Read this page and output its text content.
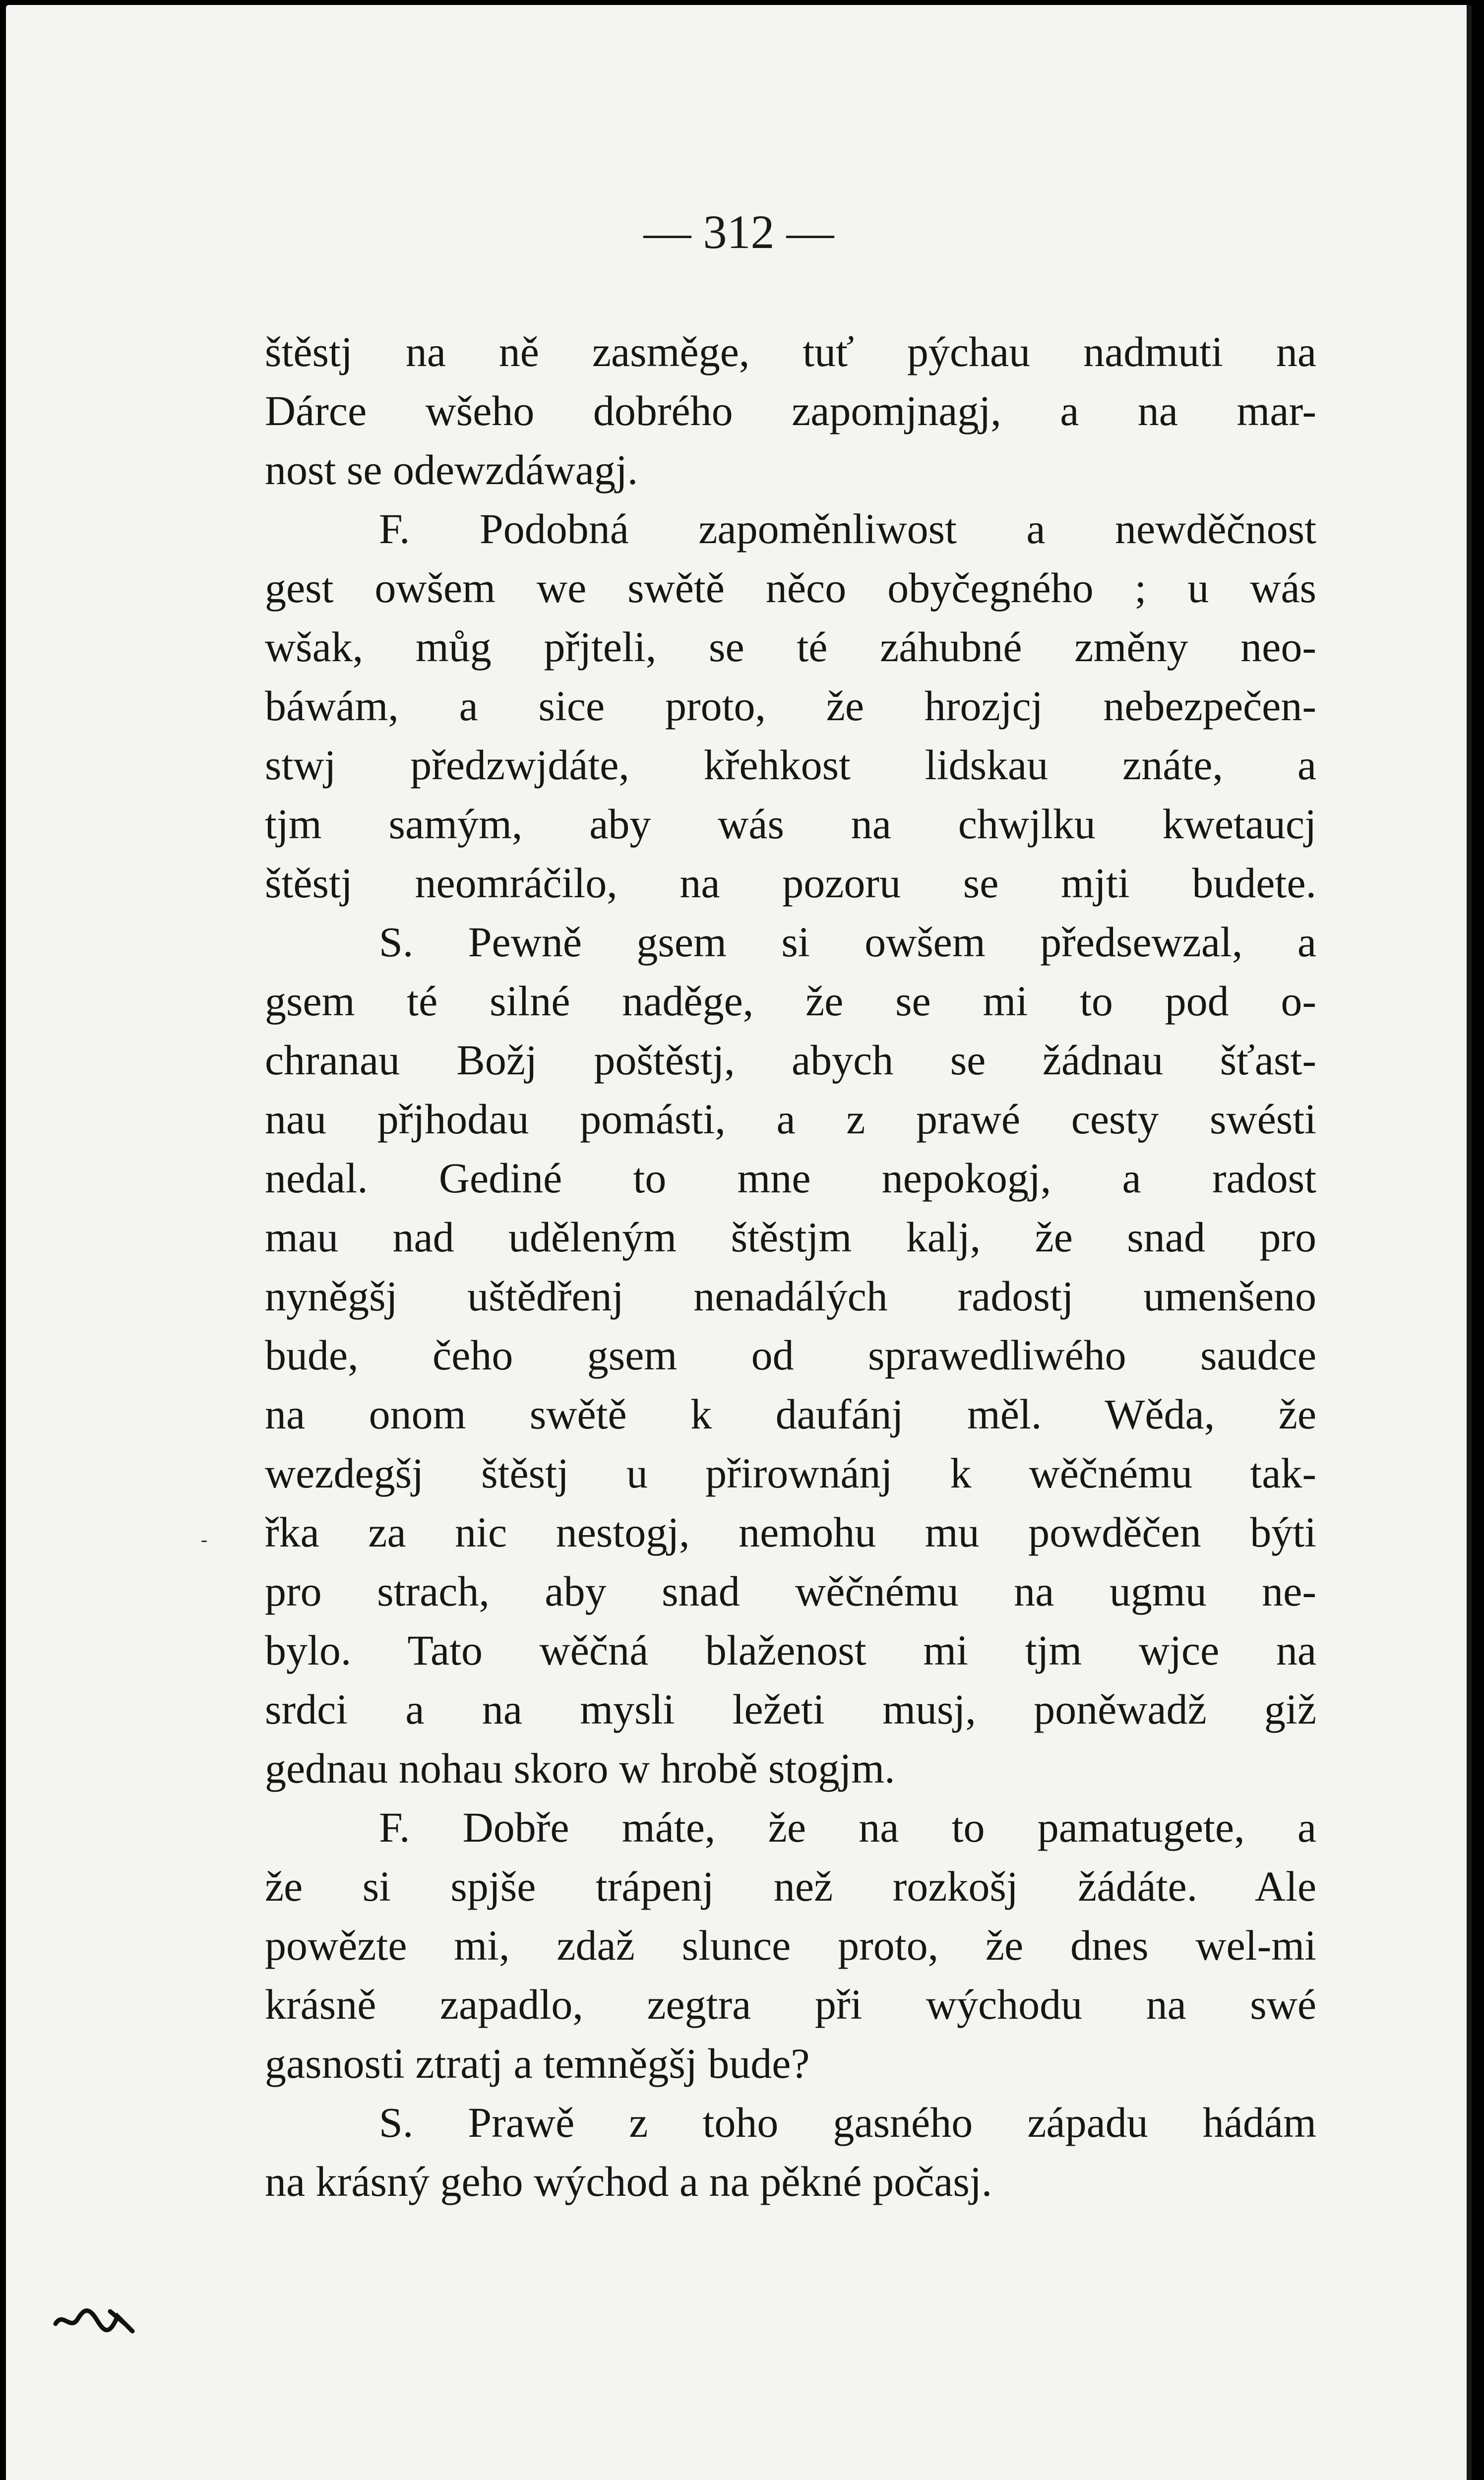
— 312 —
štěstj na ně zasměge, tuť pýchau nadmuti na
Dárce wšeho dobrého zapomjnagj, a na mar-
nost se odewzdáwagj.
F. Podobná zapoměnliwost a newděčnost
gest owšem we swětě něco obyčegného ; u wás
wšak, můg přjteli, se té záhubné změny neo-
báwám, a sice proto, že hrozjcj nebezpečen-
stwj předzwjdáte, křehkost lidskau znáte, a
tjm samým, aby wás na chwjlku kwetaucj
štěstj neomráčilo, na pozoru se mjti budete.
S. Pewně gsem si owšem předsewzal, a
gsem té silné naděge, že se mi to pod o-
chranau Božj poštěstj, abych se žádnau šťast-
nau přjhodau pomásti, a z prawé cesty swésti
nedal. Gediné to mne nepokogj, a radost
mau nad uděleným štěstjm kalj, že snad pro
nyněgšj uštědřenj nenadálých radostj umenšeno
bude, čeho gsem od sprawedliwého saudce
na onom swětě k daufánj měl. Wěda, že
wezdegšj štěstj u přirownánj k wěčnému tak-
řka za nic nestogj, nemohu mu powděčen býti
pro strach, aby snad wěčnému na ugmu ne-
bylo. Tato wěčná blaženost mi tjm wjce na
srdci a na mysli ležeti musj, poněwadž giž
gednau nohau skoro w hrobě stogjm.
F. Dobře máte, že na to pamatugete, a
že si spjše trápenj než rozkošj žádáte. Ale
powězte mi, zdaž slunce proto, že dnes wel-mi
krásně zapadlo, zegtra při wýchodu na swé
gasnosti ztratj a temněgšj bude?
S. Prawě z toho gasného západu hádám
na krásný geho wýchod a na pěkné počasj.
-
